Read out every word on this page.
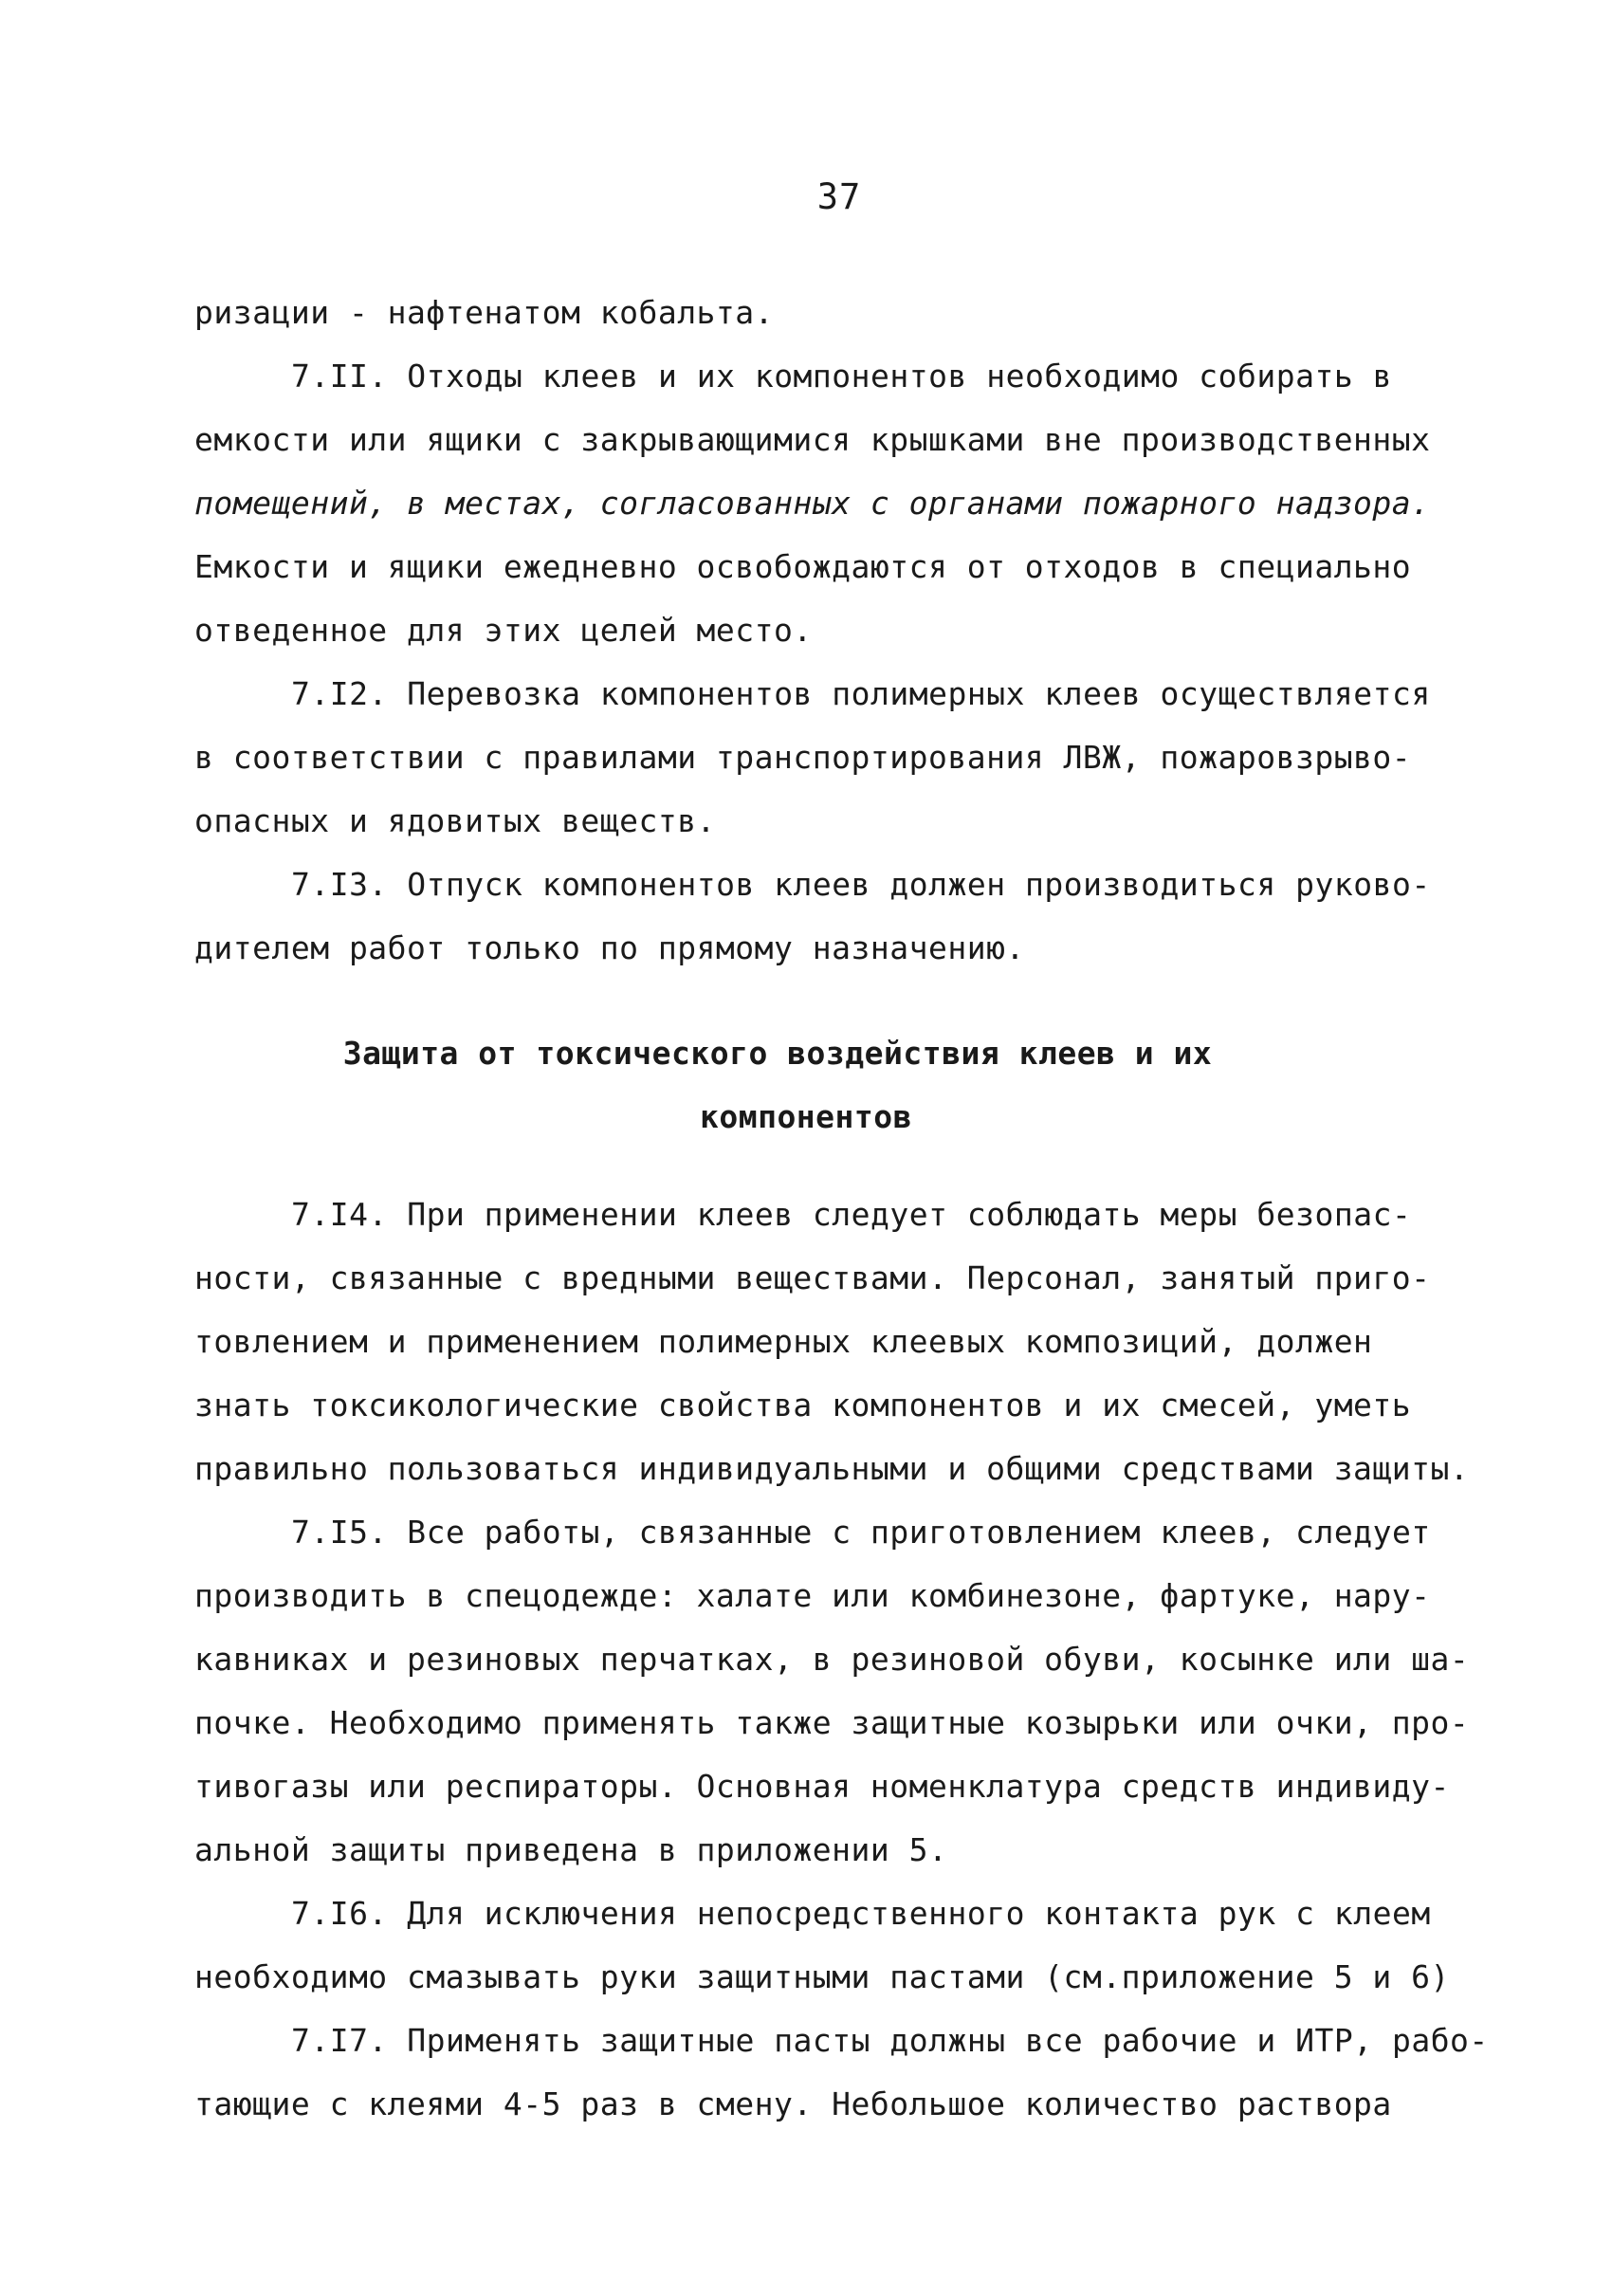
37
ризации - нафтенатом кобальта.
7.II. Отходы клеев и их компонентов необходимо собирать в
емкости или ящики с закрывающимися крышками вне производственных
помещений, в местах, согласованных с органами пожарного надзора.
Емкости и ящики ежедневно освобождаются от отходов в специально
отведенное для этих целей место.
7.I2. Перевозка компонентов полимерных клеев осуществляется
в соответствии с правилами транспортирования ЛВЖ, пожаровзрыво-
опасных и ядовитых веществ.
7.I3. Отпуск компонентов клеев должен производиться руково-
дителем работ только по прямому назначению.
Защита от токсического воздействия клеев и их
компонентов
7.I4. При применении клеев следует соблюдать меры безопас-
ности, связанные с вредными веществами. Персонал, занятый приго-
товлением и применением полимерных клеевых композиций, должен
знать токсикологические свойства компонентов и их смесей, уметь
правильно пользоваться индивидуальными и общими средствами защиты.
7.I5. Все работы, связанные с приготовлением клеев, следует
производить в спецодежде: халате или комбинезоне, фартуке, нару-
кавниках и резиновых перчатках, в резиновой обуви, косынке или ша-
почке. Необходимо применять также защитные козырьки или очки, про-
тивогазы или респираторы. Основная номенклатура средств индивиду-
альной защиты приведена в приложении 5.
7.I6. Для исключения непосредственного контакта рук с клеем
необходимо смазывать руки защитными пастами (см.приложение 5 и 6)
7.I7. Применять защитные пасты должны все рабочие и ИТР, рабо-
тающие с клеями 4-5 раз в смену. Небольшое количество раствора
